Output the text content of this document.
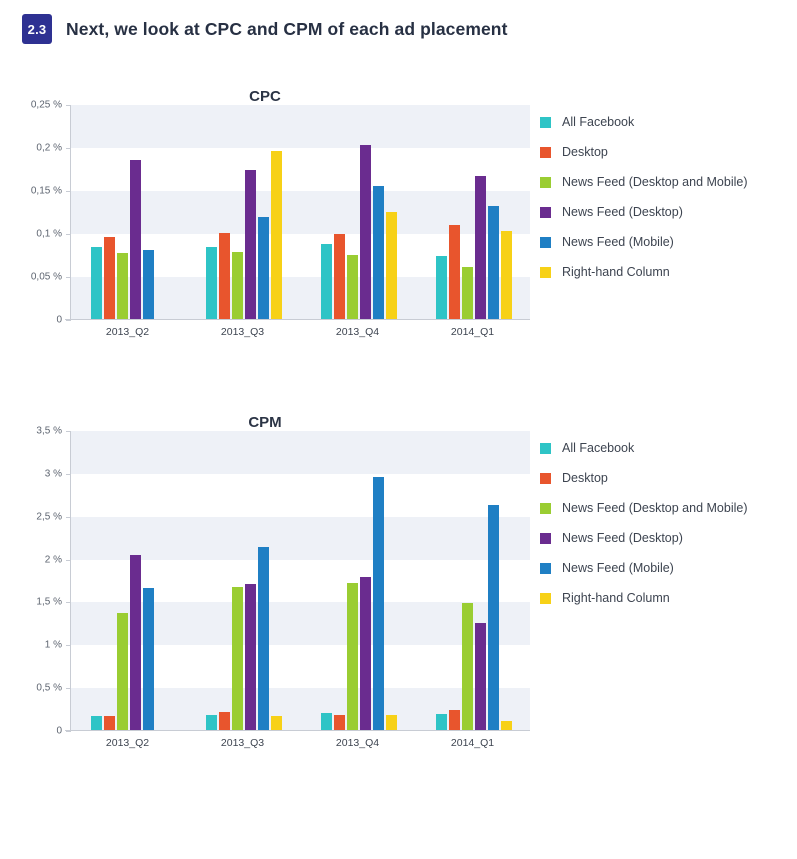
2.3	Next, we look at CPC and CPM of each ad placement
CPC
0
0,05 %
0,1 %
0,15 %
0,2 %
0,25 %
2013_Q2	2013_Q3	2013_Q4	2014_Q1
All Facebook
Desktop
News Feed (Desktop and Mobile)
News Feed (Desktop)
News Feed (Mobile)
Right-hand Column
CPM
0
0,5 %
1 %
1,5 %
2 %
2,5 %
3 %
3,5 %
2013_Q2	2013_Q3	2013_Q4	2014_Q1
All Facebook
Desktop
News Feed (Desktop and Mobile)
News Feed (Desktop)
News Feed (Mobile)
Right-hand Column
